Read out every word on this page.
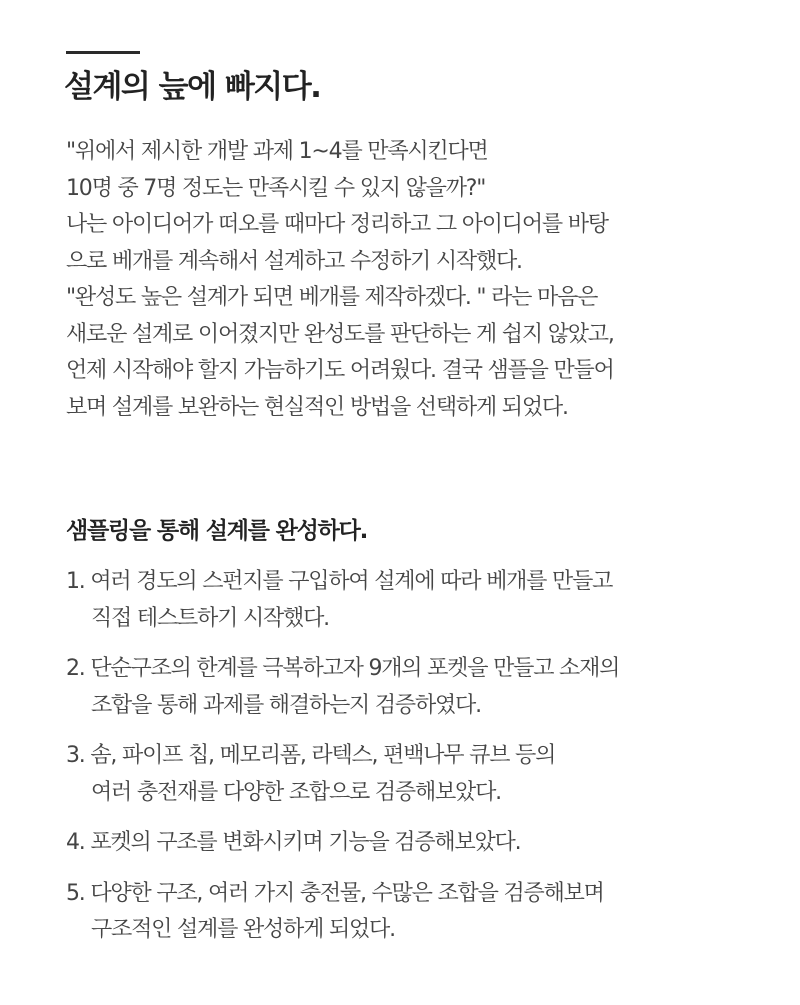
설계의 늪에 빠지다.
"위에서 제시한 개발 과제 1~4를 만족시킨다면
10명 중 7명 정도는 만족시킬 수 있지 않을까?"
나는 아이디어가 떠오를 때마다 정리하고 그 아이디어를 바탕
으로 베개를 계속해서 설계하고 수정하기 시작했다.
"완성도 높은 설계가 되면 베개를 제작하겠다. " 라는 마음은
새로운 설계로 이어졌지만 완성도를 판단하는 게 쉽지 않았고,
언제 시작해야 할지 가늠하기도 어려웠다. 결국 샘플을 만들어
보며 설계를 보완하는 현실적인 방법을 선택하게 되었다.
샘플링을 통해 설계를 완성하다.
1. 여러 경도의 스펀지를 구입하여 설계에 따라 베개를 만들고
직접 테스트하기 시작했다.
2. 단순구조의 한계를 극복하고자 9개의 포켓을 만들고 소재의
조합을 통해 과제를 해결하는지 검증하였다.
3. 솜, 파이프 칩, 메모리폼, 라텍스, 편백나무 큐브 등의
여러 충전재를 다양한 조합으로 검증해보았다.
4. 포켓의 구조를 변화시키며 기능을 검증해보았다.
5. 다양한 구조, 여러 가지 충전물, 수많은 조합을 검증해보며
구조적인 설계를 완성하게 되었다.
